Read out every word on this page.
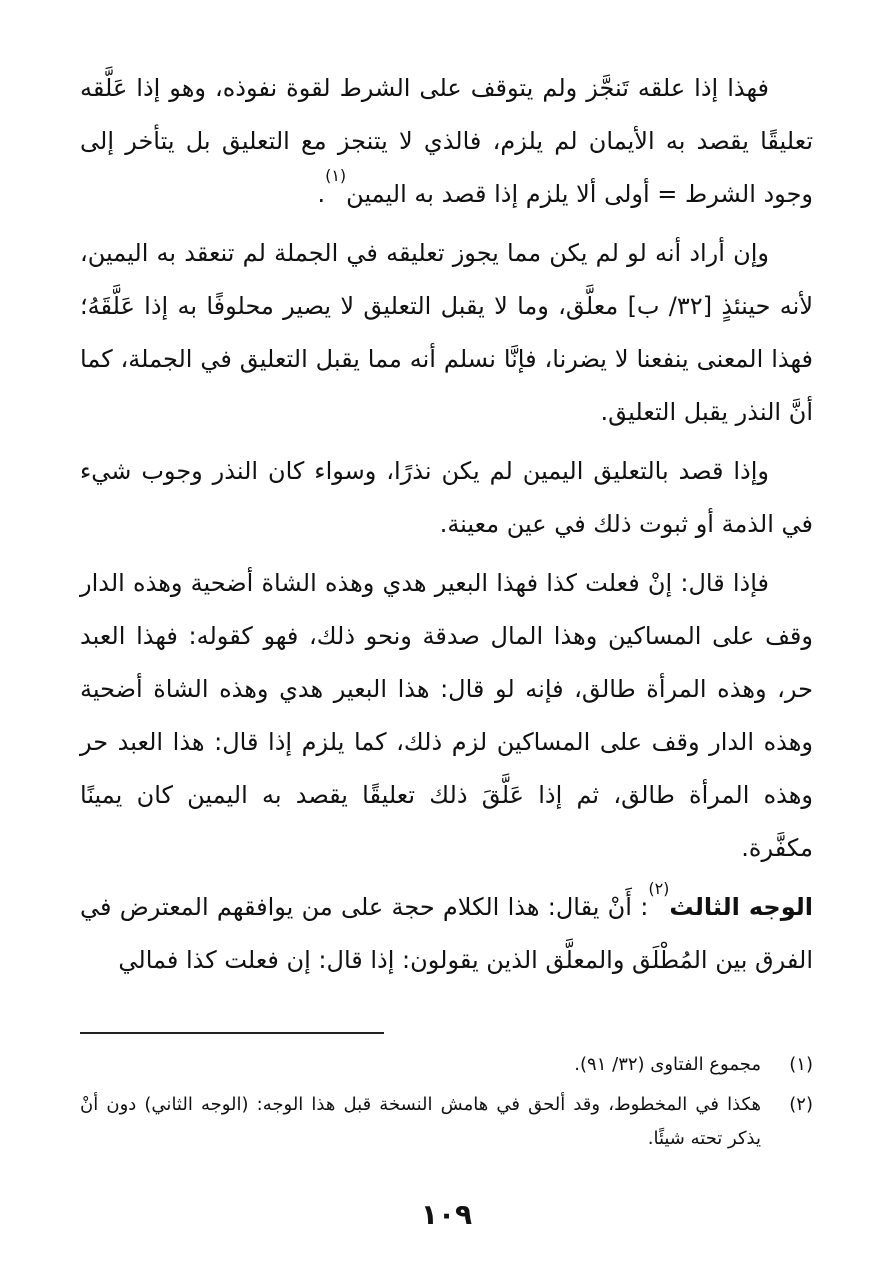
فهذا إذا علقه تَنجَّز ولم يتوقف على الشرط لقوة نفوذه، وهو إذا عَلَّقه تعليقًا يقصد به الأيمان لم يلزم، فالذي لا يتنجز مع التعليق بل يتأخر إلى وجود الشرط = أولى ألا يلزم إذا قصد به اليمين$^{(١)}$.

وإن أراد أنه لو لم يكن مما يجوز تعليقه في الجملة لم تنعقد به اليمين، لأنه حينئذٍ [٣٢/ ب] معلَّق، وما لا يقبل التعليق لا يصير محلوفًا به إذا عَلَّقَهُ؛ فهذا المعنى ينفعنا لا يضرنا، فإنَّا نسلم أنه مما يقبل التعليق في الجملة، كما أنَّ النذر يقبل التعليق.

وإذا قصد بالتعليق اليمين لم يكن نذرًا، وسواء كان النذر وجوب شيء في الذمة أو ثبوت ذلك في عين معينة.

فإذا قال: إنْ فعلت كذا فهذا البعير هدي وهذه الشاة أضحية وهذه الدار وقف على المساكين وهذا المال صدقة ونحو ذلك، فهو كقوله: فهذا العبد حر، وهذه المرأة طالق، فإنه لو قال: هذا البعير هدي وهذه الشاة أضحية وهذه الدار وقف على المساكين لزم ذلك، كما يلزم إذا قال: هذا العبد حر وهذه المرأة طالق، ثم إذا عَلَّقَ ذلك تعليقًا يقصد به اليمين كان يمينًا مكفَّرة.

الوجه الثالث$^{(٢)}$: أَنْ يقال: هذا الكلام حجة على من يوافقهم المعترض في الفرق بين المُطْلَق والمعلَّق الذين يقولون: إذا قال: إن فعلت كذا فمالي

(١)
مجموع الفتاوى (٣٢/ ٩١).

(٢)
هكذا في المخطوط، وقد ألحق في هامش النسخة قبل هذا الوجه: (الوجه الثاني) دون أنْ يذكر تحته شيئًا.

١٠٩
